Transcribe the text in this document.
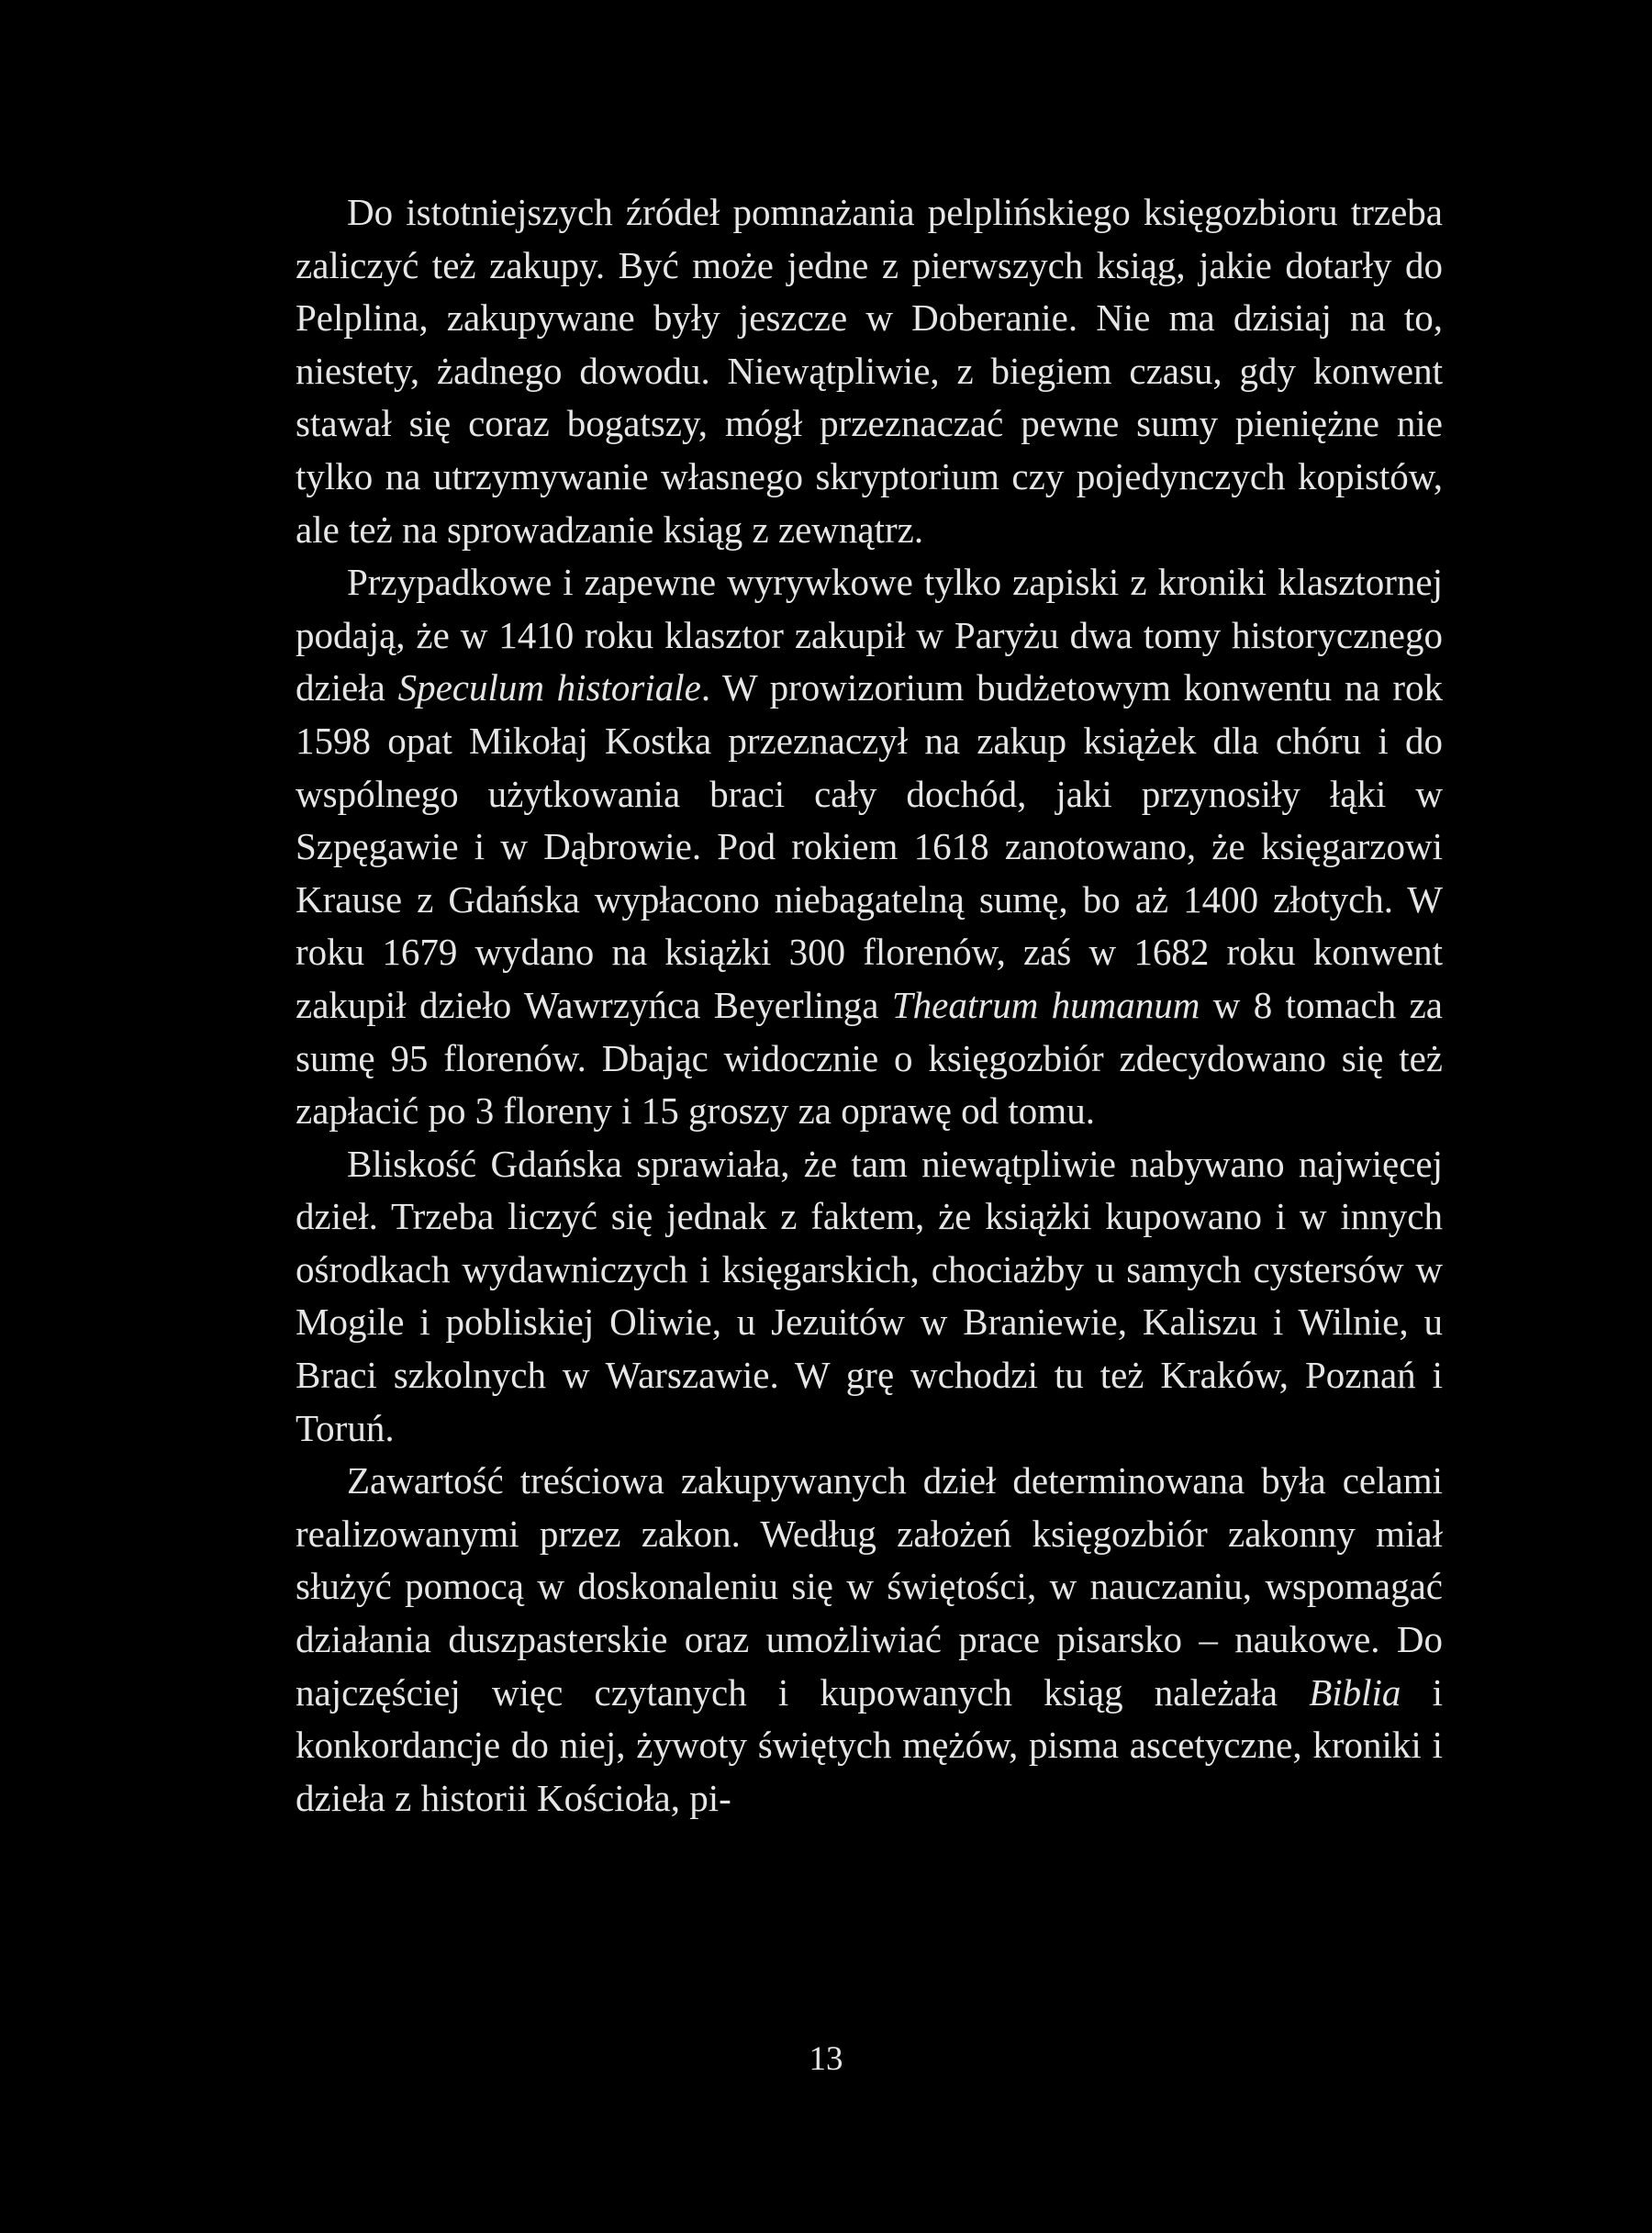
Do istotniejszych źródeł pomnażania pelplińskiego księgozbioru trzeba zaliczyć też zakupy. Być może jedne z pierwszych ksiąg, jakie dotarły do Pelplina, zakupywane były jeszcze w Doberanie. Nie ma dzisiaj na to, niestety, żadnego dowodu. Niewątpliwie, z biegiem czasu, gdy konwent stawał się coraz bogatszy, mógł przeznaczać pewne sumy pieniężne nie tylko na utrzymywanie własnego skryptorium czy pojedynczych kopistów, ale też na sprowadzanie ksiąg z zewnątrz.

Przypadkowe i zapewne wyrywkowe tylko zapiski z kroniki klasztornej podają, że w 1410 roku klasztor zakupił w Paryżu dwa tomy historycznego dzieła Speculum historiale. W prowizorium budżetowym konwentu na rok 1598 opat Mikołaj Kostka przeznaczył na zakup książek dla chóru i do wspólnego użytkowania braci cały dochód, jaki przynosiły łąki w Szpęgawie i w Dąbrowie. Pod rokiem 1618 zanotowano, że księgarzowi Krause z Gdańska wypłacono niebagatelną sumę, bo aż 1400 złotych. W roku 1679 wydano na książki 300 florenów, zaś w 1682 roku konwent zakupił dzieło Wawrzyńca Beyerlinga Theatrum humanum w 8 tomach za sumę 95 florenów. Dbając widocznie o księgozbiór zdecydowano się też zapłacić po 3 floreny i 15 groszy za oprawę od tomu.

Bliskość Gdańska sprawiała, że tam niewątpliwie nabywano najwięcej dzieł. Trzeba liczyć się jednak z faktem, że książki kupowano i w innych ośrodkach wydawniczych i księgarskich, chociażby u samych cystersów w Mogile i pobliskiej Oliwie, u Jezuitów w Braniewie, Kaliszu i Wilnie, u Braci szkolnych w Warszawie. W grę wchodzi tu też Kraków, Poznań i Toruń.

Zawartość treściowa zakupywanych dzieł determinowana była celami realizowanymi przez zakon. Według założeń księgozbiór zakonny miał służyć pomocą w doskonaleniu się w świętości, w nauczaniu, wspomagać działania duszpasterskie oraz umożliwiać prace pisarsko – naukowe. Do najczęściej więc czytanych i kupowanych ksiąg należała Biblia i konkordancje do niej, żywoty świętych mężów, pisma ascetyczne, kroniki i dzieła z historii Kościoła, pi-

13
